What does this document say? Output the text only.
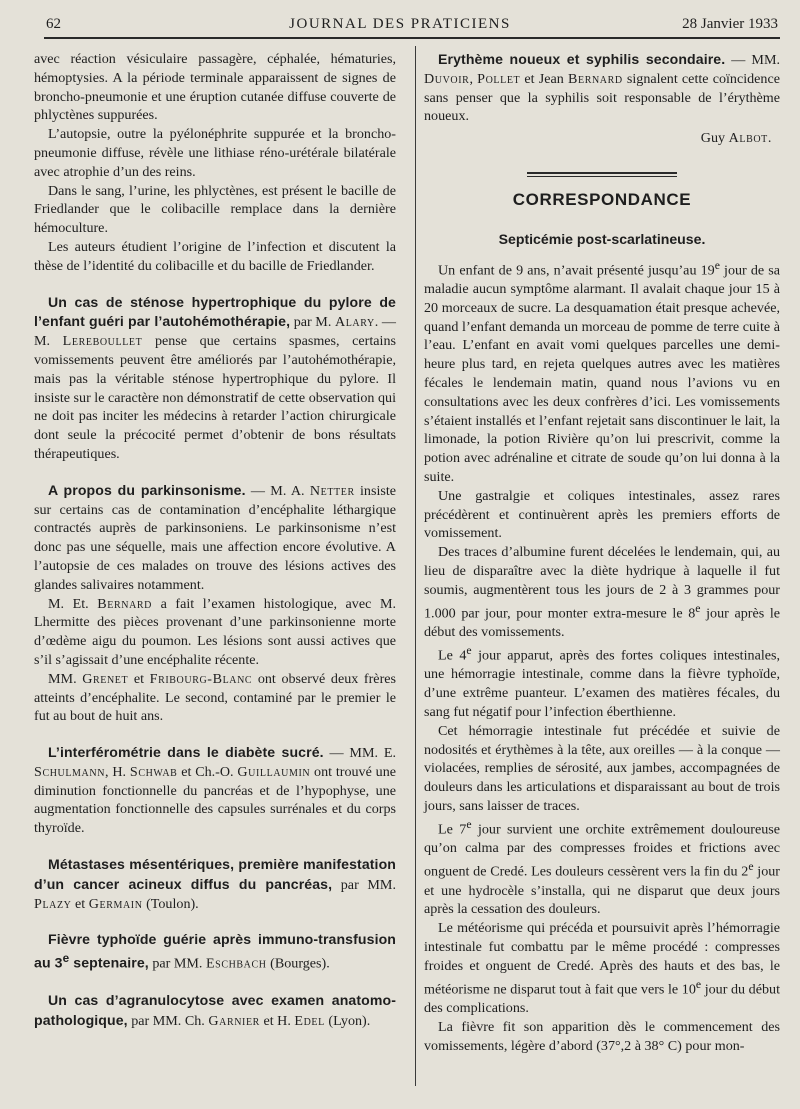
62	JOURNAL DES PRATICIENS	28 Janvier 1933

avec réaction vésiculaire passagère, céphalée, hématuries, hémoptysies. A la période terminale apparaissent de signes de broncho-pneumonie et une éruption cutanée diffuse couverte de phlyctènes suppurées.

L’autopsie, outre la pyélonéphrite suppurée et la broncho-pneumonie diffuse, révèle une lithiase réno-urétérale bilatérale avec atrophie d’un des reins.

Dans le sang, l’urine, les phlyctènes, est présent le bacille de Friedlander que le colibacille remplace dans la dernière hémoculture.

Les auteurs étudient l’origine de l’infection et discutent la thèse de l’identité du colibacille et du bacille de Friedlander.

Un cas de sténose hypertrophique du pylore de l’enfant guéri par l’autohémothérapie, par M. Alary. — M. Lereboullet pense que certains spasmes, certains vomissements peuvent être améliorés par l’autohémothérapie, mais pas la véritable sténose hypertrophique du pylore. Il insiste sur le caractère non démonstratif de cette observation qui ne doit pas inciter les médecins à retarder l’action chirurgicale dont seule la précocité permet d’obtenir de bons résultats thérapeutiques.

A propos du parkinsonisme. — M. A. Netter insiste sur certains cas de contamination d’encéphalite léthargique contractés auprès de parkinsoniens. Le parkinsonisme n’est donc pas une séquelle, mais une affection encore évolutive. A l’autopsie de ces malades on trouve des lésions actives des glandes salivaires notamment.

M. Et. Bernard a fait l’examen histologique, avec M. Lhermitte des pièces provenant d’une parkinsonienne morte d’œdème aigu du poumon. Les lésions sont aussi actives que s’il s’agissait d’une encéphalite récente.

MM. Grenet et Fribourg-Blanc ont observé deux frères atteints d’encéphalite. Le second, contaminé par le premier le fut au bout de huit ans.

L’interférométrie dans le diabète sucré. — MM. E. Schulmann, H. Schwab et Ch.-O. Guillaumin ont trouvé une diminution fonctionnelle du pancréas et de l’hypophyse, une augmentation fonctionnelle des capsules surrénales et du corps thyroïde.

Métastases mésentériques, première manifestation d’un cancer acineux diffus du pancréas, par MM. Plazy et Germain (Toulon).

Fièvre typhoïde guérie après immuno-transfusion au 3e septenaire, par MM. Eschbach (Bourges).

Un cas d’agranulocytose avec examen anatomo-pathologique, par MM. Ch. Garnier et H. Edel (Lyon).

Erythème noueux et syphilis secondaire. — MM. Duvoir, Pollet et Jean Bernard signalent cette coïncidence sans penser que la syphilis soit responsable de l’érythème noueux.

Guy Albot.
CORRESPONDANCE
Septicémie post-scarlatineuse.

Un enfant de 9 ans, n’avait présenté jusqu’au 19e jour de sa maladie aucun symptôme alarmant. Il avalait chaque jour 15 à 20 morceaux de sucre. La desquamation était presque achevée, quand l’enfant demanda un morceau de pomme de terre cuite à l’eau. L’enfant en avait vomi quelques parcelles une demi-heure plus tard, en rejeta quelques autres avec les matières fécales le lendemain matin, quand nous l’avions vu en consultations avec les deux confrères d’ici. Les vomissements s’étaient installés et l’enfant rejetait sans discontinuer le lait, la limonade, la potion Rivière qu’on lui prescrivit, comme la potion avec adrénaline et citrate de soude qu’on lui donna à la suite.

Une gastralgie et coliques intestinales, assez rares précédèrent et continuèrent après les premiers efforts de vomissement.

Des traces d’albumine furent décelées le lendemain, qui, au lieu de disparaître avec la diète hydrique à laquelle il fut soumis, augmentèrent tous les jours de 2 à 3 grammes pour 1.000 par jour, pour monter extra-mesure le 8e jour après le début des vomissements.

Le 4e jour apparut, après des fortes coliques intestinales, une hémorragie intestinale, comme dans la fièvre typhoïde, d’une extrême puanteur. L’examen des matières fécales, du sang fut négatif pour l’infection éberthienne.

Cet hémorragie intestinale fut précédée et suivie de nodosités et érythèmes à la tête, aux oreilles — à la conque — violacées, remplies de sérosité, aux jambes, accompagnées de douleurs dans les articulations et disparaissant au bout de trois jours, sans laisser de traces.

Le 7e jour survient une orchite extrêmement douloureuse qu’on calma par des compresses froides et frictions avec onguent de Credé. Les douleurs cessèrent vers la fin du 2e jour et une hydrocèle s’installa, qui ne disparut que deux jours après la cessation des douleurs.

Le météorisme qui précéda et poursuivit après l’hémorragie intestinale fut combattu par le même procédé : compresses froides et onguent de Credé. Après des hauts et des bas, le météorisme ne disparut tout à fait que vers le 10e jour du début des complications.

La fièvre fit son apparition dès le commencement des vomissements, légère d’abord (37°,2 à 38° C) pour mon-
